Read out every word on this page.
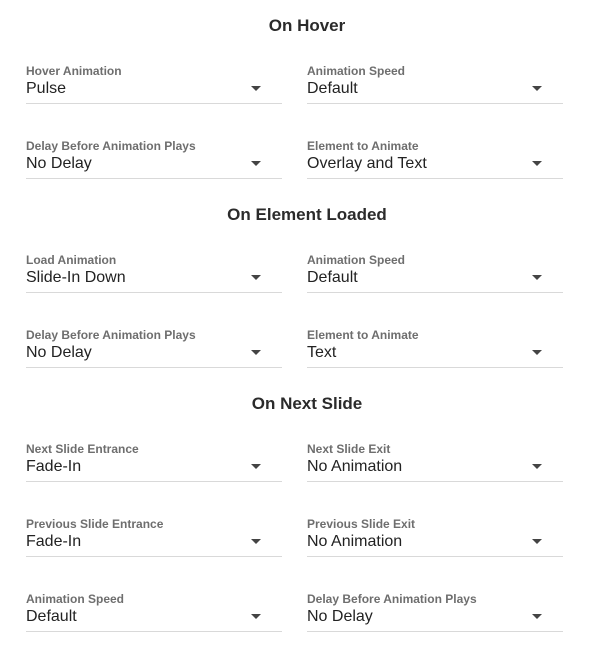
On Hover
Hover Animation
Pulse
Animation Speed
Default
Delay Before Animation Plays
No Delay
Element to Animate
Overlay and Text
On Element Loaded
Load Animation
Slide-In Down
Animation Speed
Default
Delay Before Animation Plays
No Delay
Element to Animate
Text
On Next Slide
Next Slide Entrance
Fade-In
Next Slide Exit
No Animation
Previous Slide Entrance
Fade-In
Previous Slide Exit
No Animation
Animation Speed
Default
Delay Before Animation Plays
No Delay
